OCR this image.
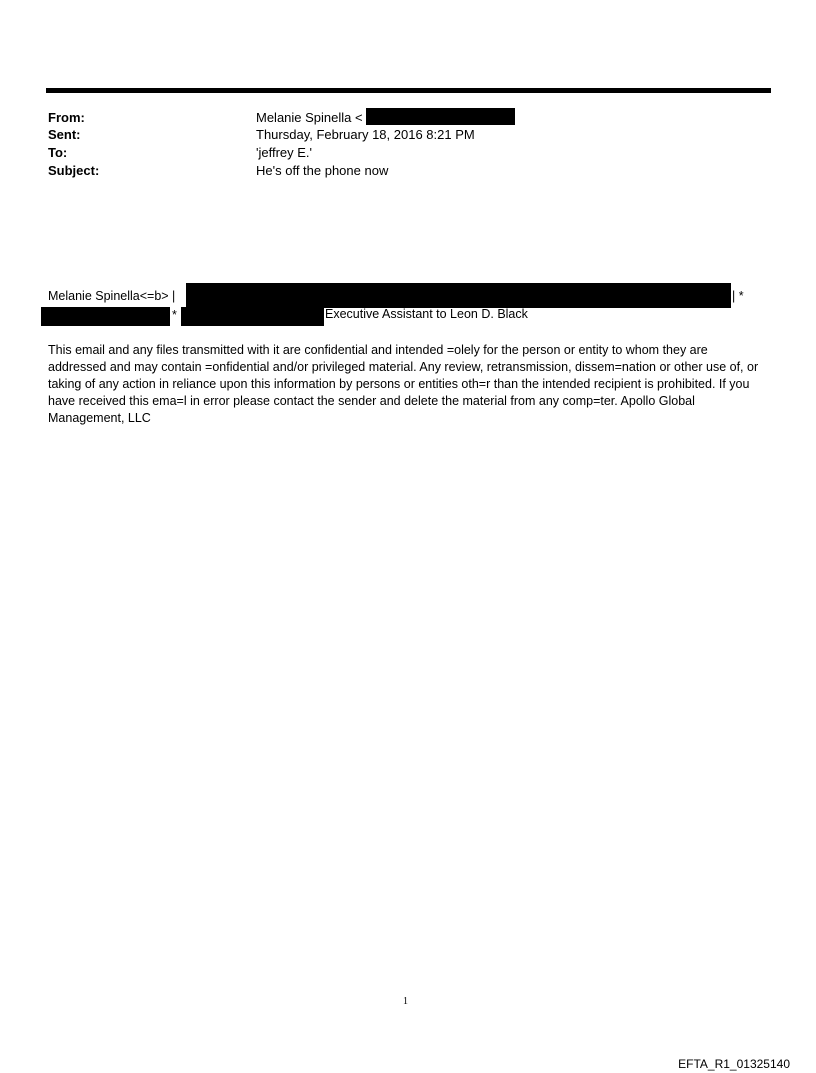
From:	Melanie Spinella <
Sent:	Thursday, February 18, 2016 8:21 PM
To:	'jeffrey E.'
Subject:	He's off the phone now
Melanie Spinella<=b> |	| *
*	Executive Assistant to Leon D. Black
This email and any files transmitted with it are confidential and intended =olely for the person or entity to whom they are addressed and may contain =onfidential and/or privileged material. Any review, retransmission, dissem=nation or other use of, or taking of any action in reliance upon this information by persons or entities oth=r than the intended recipient is prohibited. If you have received this ema=l in error please contact the sender and delete the material from any comp=ter. Apollo Global Management, LLC
1
EFTA_R1_01325140
